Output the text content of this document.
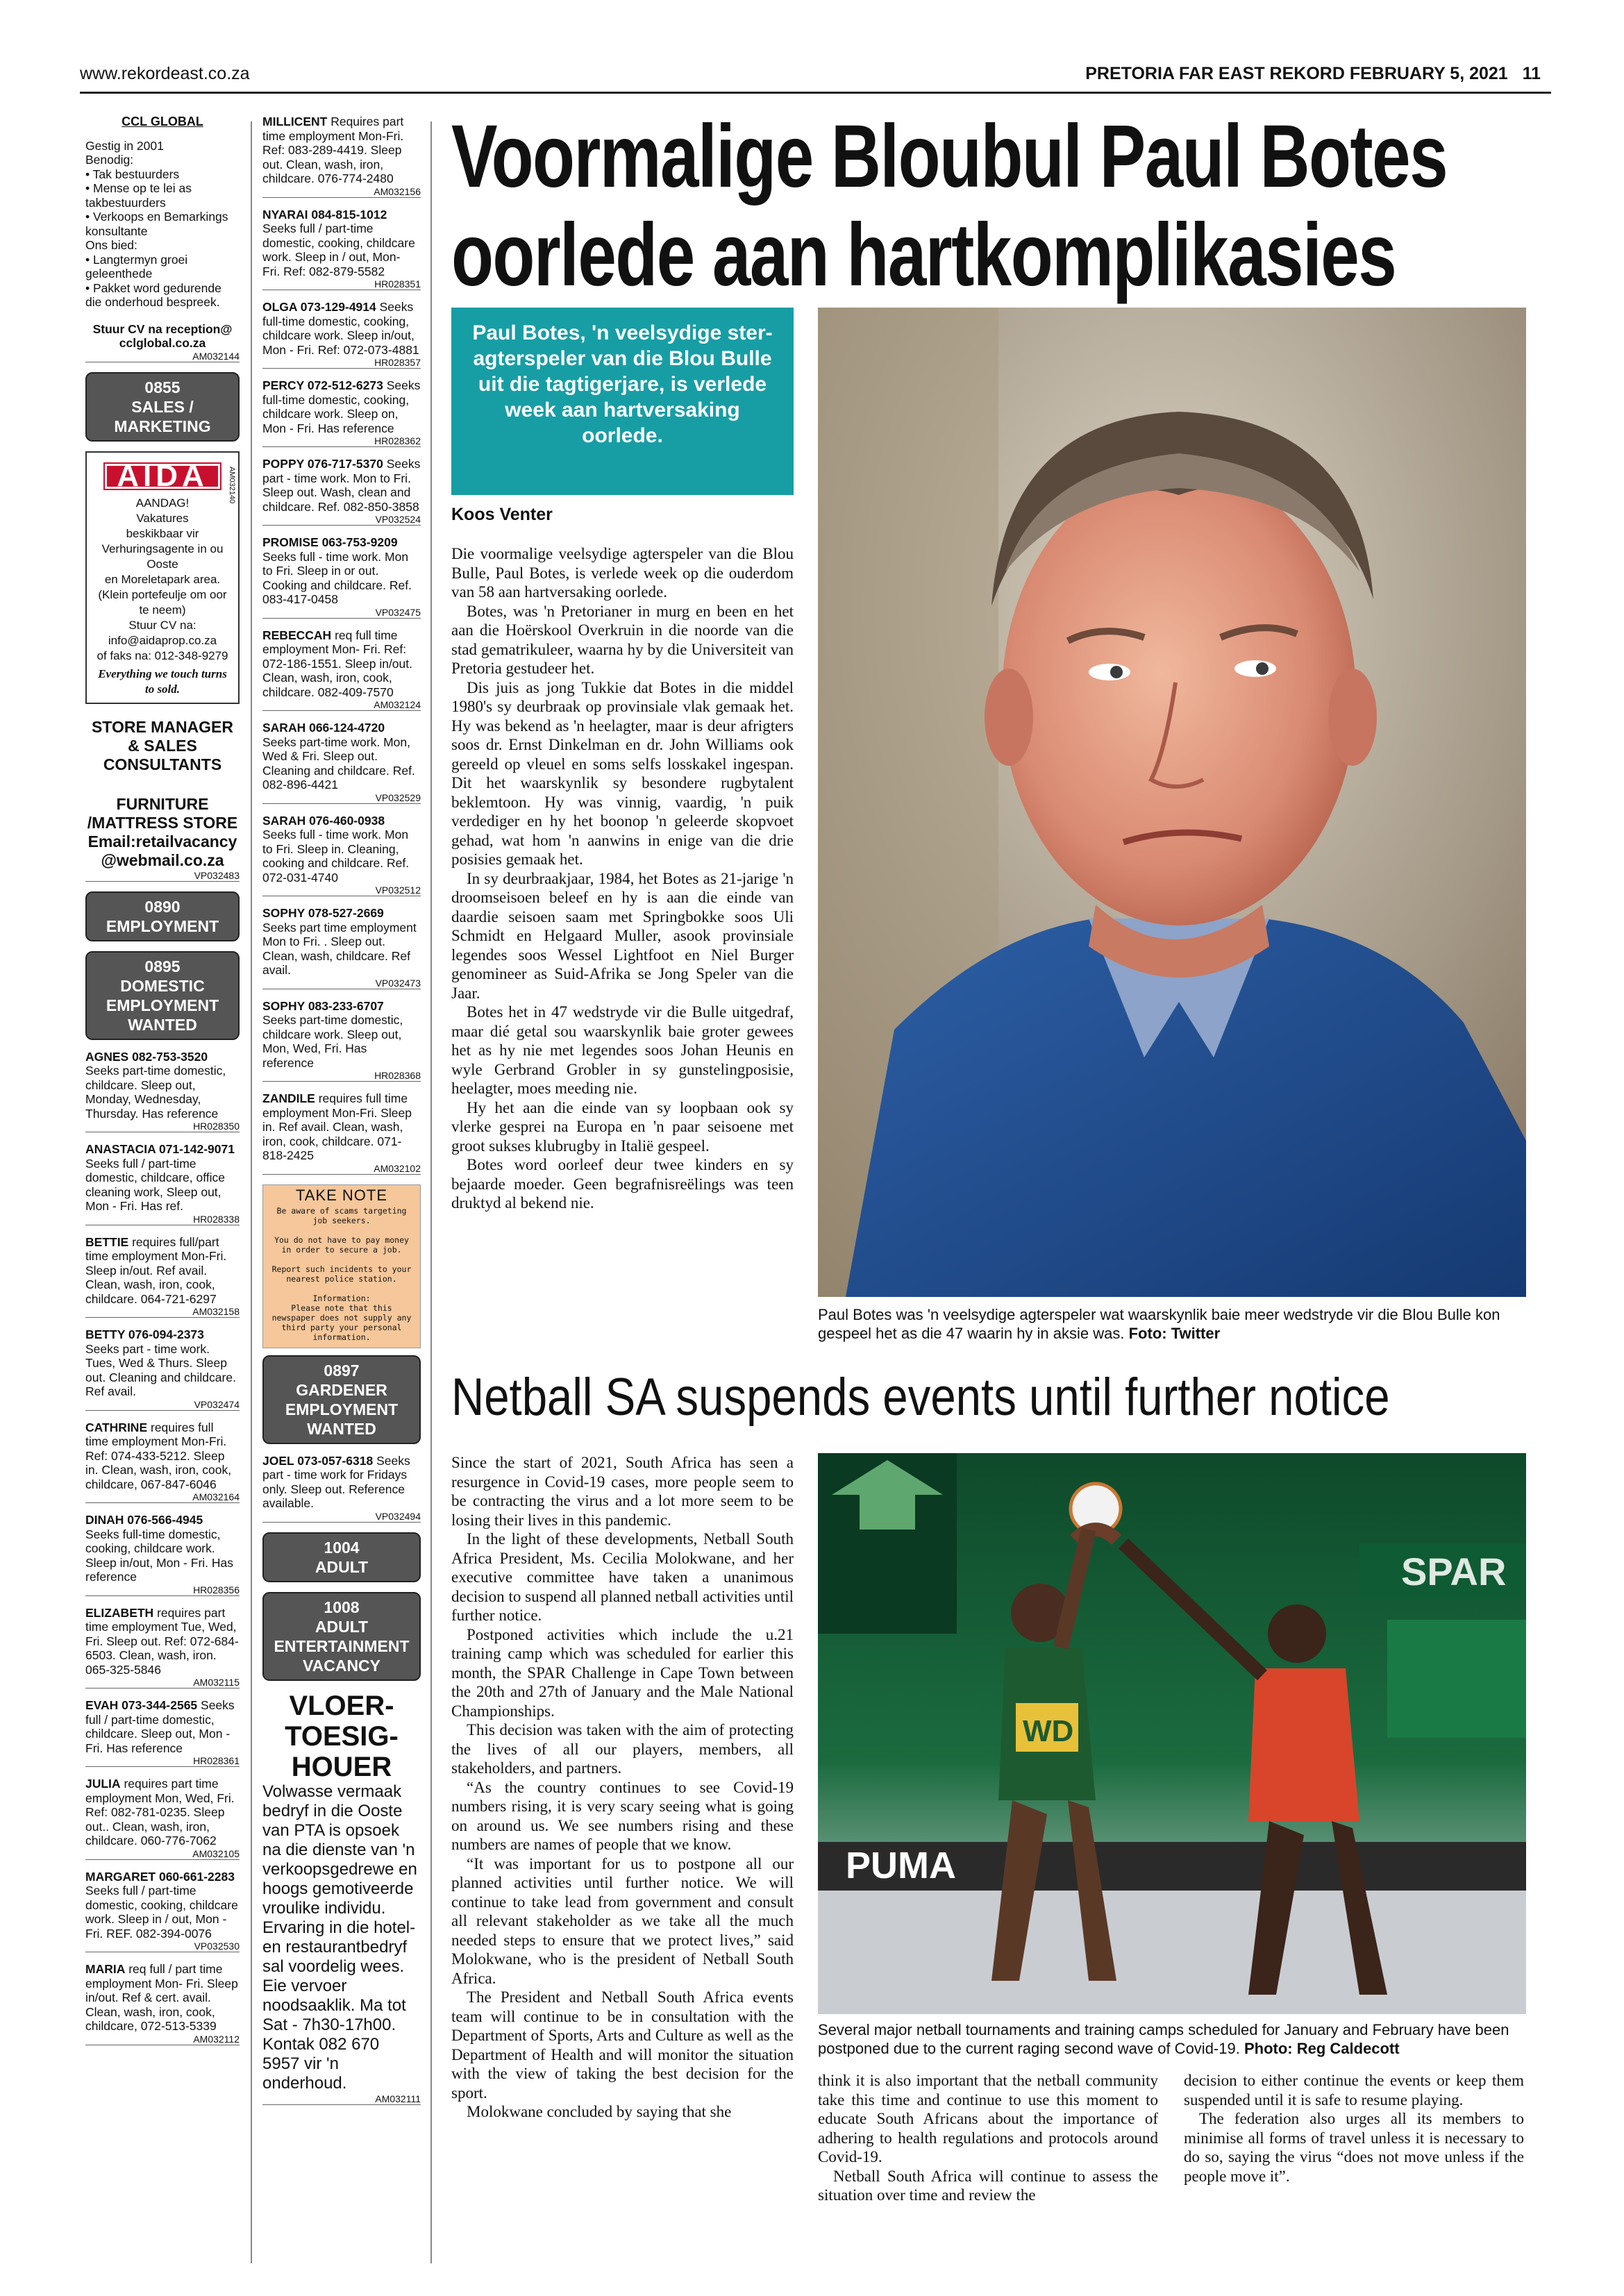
www.rekordeast.co.za	PRETORIA FAR EAST REKORD FEBRUARY 5, 2021 11
CCL GLOBAL

Gestig in 2001
Benodig:
• Tak bestuurders
• Mense op te lei as takbestuurders
• Verkoops en Bemarkings konsultante
Ons bied:
• Langtermyn groei geleenthede
• Pakket word gedurende die onderhoud bespreek.

Stuur CV na reception@
cclglobal.co.za

AM032144

0855
SALES / MARKETING

AIDA

AANDAG!
Vakatures
beskikbaar vir
Verhuringsagente in ou Ooste
en Moreletapark area.
(Klein portefeulje om oor te neem)
Stuur CV na:
info@aidaprop.co.za
of faks na: 012-348-9279

Everything we touch turns to sold.

AM032140

STORE MANAGER
& SALES
CONSULTANTS

FURNITURE
/MATTRESS STORE
Email:retailvacancy
@webmail.co.za

VP032483

0890
EMPLOYMENT

0895
DOMESTIC
EMPLOYMENT
WANTED

AGNES 082-753-3520 Seeks part-time domestic, childcare. Sleep out, Monday, Wednesday, Thursday. Has reference

HR028350

ANASTACIA 071-142-9071 Seeks full / part-time domestic, childcare, office cleaning work, Sleep out, Mon - Fri. Has ref.

HR028338

BETTIE requires full/part time employment Mon-Fri. Sleep in/out. Ref avail. Clean, wash, iron, cook, childcare. 064-721-6297

AM032158

BETTY 076-094-2373 Seeks part - time work. Tues, Wed & Thurs. Sleep out. Cleaning and childcare. Ref avail.

VP032474

CATHRINE requires full time employment Mon-Fri. Ref: 074-433-5212. Sleep in. Clean, wash, iron, cook, childcare, 067-847-6046

AM032164

DINAH 076-566-4945 Seeks full-time domestic, cooking, childcare work. Sleep in/out, Mon - Fri. Has reference

HR028356

ELIZABETH requires part time employment Tue, Wed, Fri. Sleep out. Ref: 072-684-6503. Clean, wash, iron. 065-325-5846

AM032115

EVAH 073-344-2565 Seeks full / part-time domestic, childcare. Sleep out, Mon - Fri. Has reference

HR028361

JULIA requires part time employment Mon, Wed, Fri. Ref: 082-781-0235. Sleep out.. Clean, wash, iron, childcare. 060-776-7062

AM032105

MARGARET 060-661-2283 Seeks full / part-time domestic, cooking, childcare work. Sleep in / out, Mon - Fri. REF. 082-394-0076

VP032530

MARIA req full / part time employment Mon- Fri. Sleep in/out. Ref & cert. avail. Clean, wash, iron, cook, childcare, 072-513-5339

AM032112

MILLICENT Requires part time employment Mon-Fri. Ref: 083-289-4419. Sleep out. Clean, wash, iron, childcare. 076-774-2480

AM032156

NYARAI 084-815-1012 Seeks full / part-time domestic, cooking, childcare work. Sleep in / out, Mon- Fri. Ref: 082-879-5582

HR028351

OLGA 073-129-4914 Seeks full-time domestic, cooking, childcare work. Sleep in/out, Mon - Fri. Ref: 072-073-4881

HR028357

PERCY 072-512-6273 Seeks full-time domestic, cooking, childcare work. Sleep on, Mon - Fri. Has reference

HR028362

POPPY 076-717-5370 Seeks part - time work. Mon to Fri. Sleep out. Wash, clean and childcare. Ref. 082-850-3858

VP032524

PROMISE 063-753-9209 Seeks full - time work. Mon to Fri. Sleep in or out. Cooking and childcare. Ref. 083-417-0458

VP032475

REBECCAH req full time employment Mon- Fri. Ref: 072-186-1551. Sleep in/out. Clean, wash, iron, cook, childcare. 082-409-7570

AM032124

SARAH 066-124-4720 Seeks part-time work. Mon, Wed & Fri. Sleep out. Cleaning and childcare. Ref. 082-896-4421

VP032529

SARAH 076-460-0938 Seeks full - time work. Mon to Fri. Sleep in. Cleaning, cooking and childcare. Ref. 072-031-4740

VP032512

SOPHY 078-527-2669 Seeks part time employment Mon to Fri. . Sleep out. Clean, wash, childcare. Ref avail.

VP032473

SOPHY 083-233-6707 Seeks part-time domestic, childcare work. Sleep out, Mon, Wed, Fri. Has reference

HR028368

ZANDILE requires full time employment Mon-Fri. Sleep in. Ref avail. Clean, wash, iron, cook, childcare. 071-818-2425

AM032102
TAKE NOTE

Be aware of scams targeting job seekers.

You do not have to pay money in order to secure a job.

Report such incidents to your nearest police station.

Information:
Please note that this newspaper does not supply any third party your personal information.

0897
GARDENER
EMPLOYMENT
WANTED

JOEL 073-057-6318 Seeks part - time work for Fridays only. Sleep out. Reference available.

VP032494

1004
ADULT

1008
ADULT
ENTERTAINMENT
VACANCY

VLOER-
TOESIG-
HOUER

Volwasse vermaak bedryf in die Ooste van PTA is opsoek na die dienste van 'n verkoopsgedrewe en hoogs gemotiveerde vroulike individu. Ervaring in die hotel- en restaurantbedryf sal voordelig wees. Eie vervoer noodsaaklik. Ma tot Sat - 7h30-17h00. Kontak 082 670 5957 vir 'n onderhoud.

AM032111
Voormalige Bloubul Paul Botes
oorlede aan hartkomplikasies
Paul Botes, 'n veelsydige ster-agterspeler van die Blou Bulle uit die tagtigerjare, is verlede week aan hartversaking oorlede.
Koos Venter

Die voormalige veelsydige agterspeler van die Blou Bulle, Paul Botes, is verlede week op die ouderdom van 58 aan hartversaking oorlede.

Botes, was 'n Pretorianer in murg en been en het aan die Hoërskool Overkruin in die noorde van die stad gematrikuleer, waarna hy by die Universiteit van Pretoria gestudeer het.

Dis juis as jong Tukkie dat Botes in die middel 1980's sy deurbraak op provinsiale vlak gemaak het. Hy was bekend as 'n heelagter, maar is deur afrigters soos dr. Ernst Dinkelman en dr. John Williams ook gereeld op vleuel en soms selfs losskakel ingespan. Dit het waarskynlik sy besondere rugbytalent beklemtoon. Hy was vinnig, vaardig, 'n puik verdediger en hy het boonop 'n geleerde skopvoet gehad, wat hom 'n aanwins in enige van die drie posisies gemaak het.

In sy deurbraakjaar, 1984, het Botes as 21-jarige 'n droomseisoen beleef en hy is aan die einde van daardie seisoen saam met Springbokke soos Uli Schmidt en Helgaard Muller, asook provinsiale legendes soos Wessel Lightfoot en Niel Burger genomineer as Suid-Afrika se Jong Speler van die Jaar.

Botes het in 47 wedstryde vir die Bulle uitgedraf, maar dié getal sou waarskynlik baie groter gewees het as hy nie met legendes soos Johan Heunis en wyle Gerbrand Grobler in sy gunstelingposisie, heelagter, moes meeding nie.

Hy het aan die einde van sy loopbaan ook sy vlerke gesprei na Europa en 'n paar seisoene met groot sukses klubrugby in Italië gespeel.

Botes word oorleef deur twee kinders en sy bejaarde moeder. Geen begrafnisreëlings was teen druktyd al bekend nie.

Paul Botes was 'n veelsydige agterspeler wat waarskynlik baie meer wedstryde vir die Blou Bulle kon gespeel het as die 47 waarin hy in aksie was. Foto: Twitter
Netball SA suspends events until further notice

Since the start of 2021, South Africa has seen a resurgence in Covid-19 cases, more people seem to be contracting the virus and a lot more seem to be losing their lives in this pandemic.

In the light of these developments, Netball South Africa President, Ms. Cecilia Molokwane, and her executive committee have taken a unanimous decision to suspend all planned netball activities until further notice.

Postponed activities which include the u.21 training camp which was scheduled for earlier this month, the SPAR Challenge in Cape Town between the 20th and 27th of January and the Male National Championships.

This decision was taken with the aim of protecting the lives of all our players, members, all stakeholders, and partners.

“As the country continues to see Covid-19 numbers rising, it is very scary seeing what is going on around us. We see numbers rising and these numbers are names of people that we know.

“It was important for us to postpone all our planned activities until further notice. We will continue to take lead from government and consult all relevant stakeholder as we take all the much needed steps to ensure that we protect lives,” said Molokwane, who is the president of Netball South Africa.

The President and Netball South Africa events team will continue to be in consultation with the Department of Sports, Arts and Culture as well as the Department of Health and will monitor the situation with the view of taking the best decision for the sport.

Molokwane concluded by saying that she

SPAR
PUMA
WD
Several major netball tournaments and training camps scheduled for January and February have been postponed due to the current raging second wave of Covid-19. Photo: Reg Caldecott

think it is also important that the netball community take this time and continue to use this moment to educate South Africans about the importance of adhering to health regulations and protocols around Covid-19.

Netball South Africa will continue to assess the situation over time and review the

decision to either continue the events or keep them suspended until it is safe to resume playing.

The federation also urges all its members to minimise all forms of travel unless it is necessary to do so, saying the virus “does not move unless if the people move it”.
